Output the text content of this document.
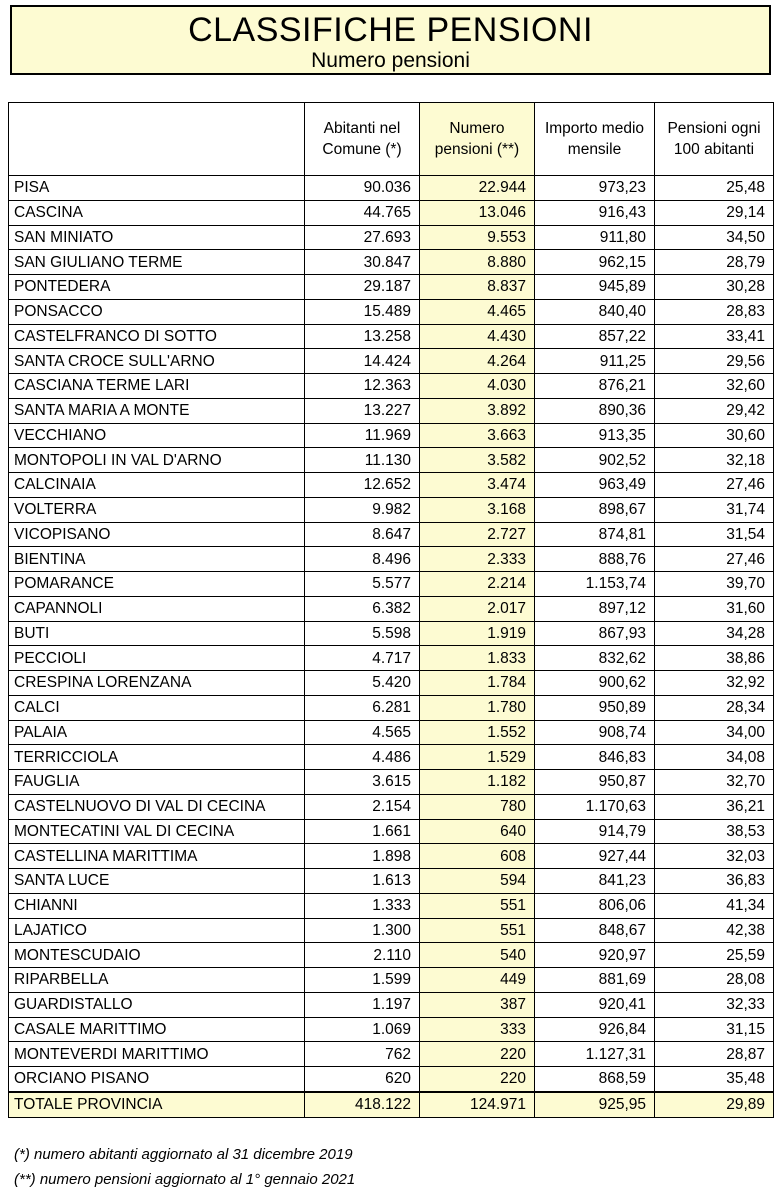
CLASSIFICHE PENSIONI
Numero pensioni
	Abitanti nel Comune (*)	Numero pensioni (**)	Importo medio mensile	Pensioni ogni 100 abitanti
PISA	90.036	22.944	973,23	25,48
CASCINA	44.765	13.046	916,43	29,14
SAN MINIATO	27.693	9.553	911,80	34,50
SAN GIULIANO TERME	30.847	8.880	962,15	28,79
PONTEDERA	29.187	8.837	945,89	30,28
PONSACCO	15.489	4.465	840,40	28,83
CASTELFRANCO DI SOTTO	13.258	4.430	857,22	33,41
SANTA CROCE SULL'ARNO	14.424	4.264	911,25	29,56
CASCIANA TERME LARI	12.363	4.030	876,21	32,60
SANTA MARIA A MONTE	13.227	3.892	890,36	29,42
VECCHIANO	11.969	3.663	913,35	30,60
MONTOPOLI IN VAL D'ARNO	11.130	3.582	902,52	32,18
CALCINAIA	12.652	3.474	963,49	27,46
VOLTERRA	9.982	3.168	898,67	31,74
VICOPISANO	8.647	2.727	874,81	31,54
BIENTINA	8.496	2.333	888,76	27,46
POMARANCE	5.577	2.214	1.153,74	39,70
CAPANNOLI	6.382	2.017	897,12	31,60
BUTI	5.598	1.919	867,93	34,28
PECCIOLI	4.717	1.833	832,62	38,86
CRESPINA LORENZANA	5.420	1.784	900,62	32,92
CALCI	6.281	1.780	950,89	28,34
PALAIA	4.565	1.552	908,74	34,00
TERRICCIOLA	4.486	1.529	846,83	34,08
FAUGLIA	3.615	1.182	950,87	32,70
CASTELNUOVO DI VAL DI CECINA	2.154	780	1.170,63	36,21
MONTECATINI VAL DI CECINA	1.661	640	914,79	38,53
CASTELLINA MARITTIMA	1.898	608	927,44	32,03
SANTA LUCE	1.613	594	841,23	36,83
CHIANNI	1.333	551	806,06	41,34
LAJATICO	1.300	551	848,67	42,38
MONTESCUDAIO	2.110	540	920,97	25,59
RIPARBELLA	1.599	449	881,69	28,08
GUARDISTALLO	1.197	387	920,41	32,33
CASALE MARITTIMO	1.069	333	926,84	31,15
MONTEVERDI MARITTIMO	762	220	1.127,31	28,87
ORCIANO PISANO	620	220	868,59	35,48
TOTALE PROVINCIA	418.122	124.971	925,95	29,89
(*) numero abitanti aggiornato al 31 dicembre 2019
(**) numero pensioni aggiornato al 1° gennaio 2021
